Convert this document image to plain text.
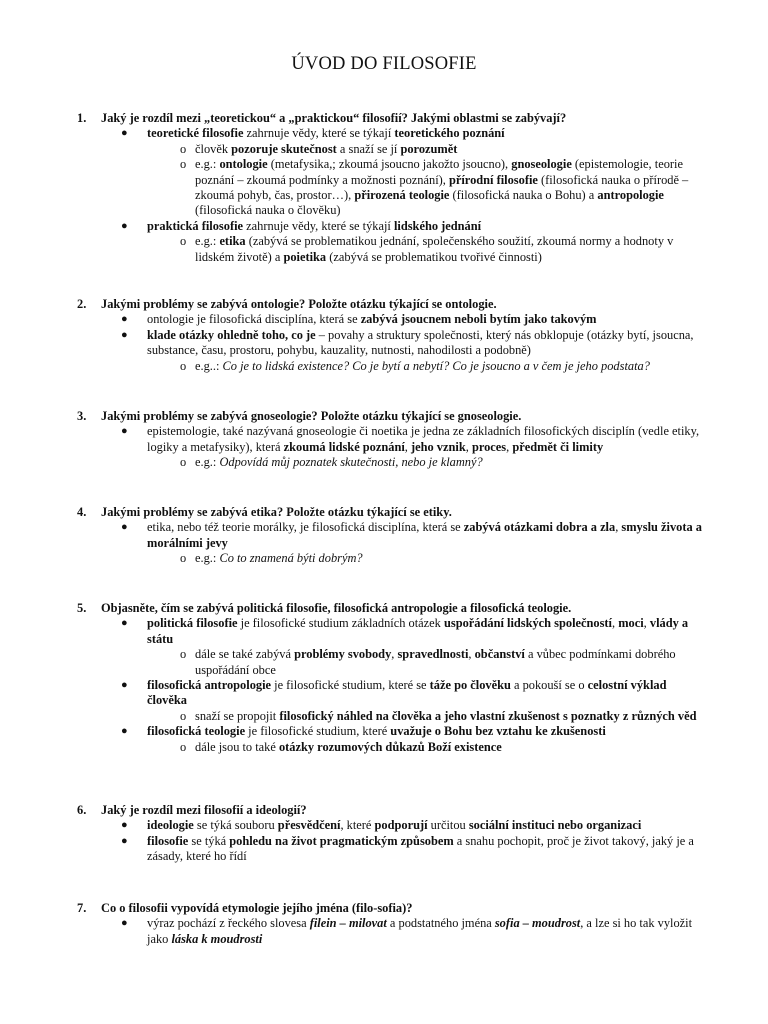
ÚVOD DO FILOSOFIE
1. Jaký je rozdíl mezi „teoretickou“ a „praktickou“ filosofií? Jakými oblastmi se zabývají?
● teoretické filosofie zahrnuje vědy, které se týkají teoretického poznání
o člověk pozoruje skutečnost a snaží se jí porozumět
o e.g.: ontologie (metafysika,; zkoumá jsoucno jakožto jsoucno), gnoseologie (epistemologie, teorie poznání – zkoumá podmínky a možnosti poznání), přírodní filosofie (filosofická nauka o přírodě – zkoumá pohyb, čas, prostor…), přirozená teologie (filosofická nauka o Bohu) a antropologie (filosofická nauka o člověku)
● praktická filosofie zahrnuje vědy, které se týkají lidského jednání
o e.g.: etika (zabývá se problematikou jednání, společenského soužití, zkoumá normy a hodnoty v lidském životě) a poietika (zabývá se problematikou tvořivé činnosti)
2. Jakými problémy se zabývá ontologie? Položte otázku týkající se ontologie.
● ontologie je filosofická disciplína, která se zabývá jsoucnem neboli bytím jako takovým
● klade otázky ohledně toho, co je – povahy a struktury společnosti, který nás obklopuje (otázky bytí, jsoucna, substance, času, prostoru, pohybu, kauzality, nutnosti, nahodilosti a podobně)
o e.g..: Co je to lidská existence? Co je bytí a nebytí? Co je jsoucno a v čem je jeho podstata?
3. Jakými problémy se zabývá gnoseologie? Položte otázku týkající se gnoseologie.
● epistemologie, také nazývaná gnoseologie či noetika je jedna ze základních filosofických disciplín (vedle etiky, logiky a metafysiky), která zkoumá lidské poznání, jeho vznik, proces, předmět či limity
o e.g.: Odpovídá můj poznatek skutečnosti, nebo je klamný?
4. Jakými problémy se zabývá etika? Položte otázku týkající se etiky.
● etika, nebo též teorie morálky, je filosofická disciplína, která se zabývá otázkami dobra a zla, smyslu života a morálními jevy
o e.g.: Co to znamená býti dobrým?
5. Objasněte, čím se zabývá politická filosofie, filosofická antropologie a filosofická teologie.
● politická filosofie je filosofické studium základních otázek uspořádání lidských společností, moci, vlády a státu
o dále se také zabývá problémy svobody, spravedlnosti, občanství a vůbec podmínkami dobrého uspořádání obce
● filosofická antropologie je filosofické studium, které se táže po člověku a pokouší se o celostní výklad člověka
o snaží se propojit filosofický náhled na člověka a jeho vlastní zkušenost s poznatky z různých věd
● filosofická teologie je filosofické studium, které uvažuje o Bohu bez vztahu ke zkušenosti
o dále jsou to také otázky rozumových důkazů Boží existence
6. Jaký je rozdíl mezi filosofií a ideologií?
● ideologie se týká souboru přesvědčení, které podporují určitou sociální instituci nebo organizaci
● filosofie se týká pohledu na život pragmatickým způsobem a snahu pochopit, proč je život takový, jaký je a zásady, které ho řídí
7. Co o filosofii vypovídá etymologie jejího jména (filo-sofia)?
● výraz pochází z řeckého slovesa filein – milovat a podstatného jména sofia – moudrost, a lze si ho tak vyložit jako láska k moudrosti
